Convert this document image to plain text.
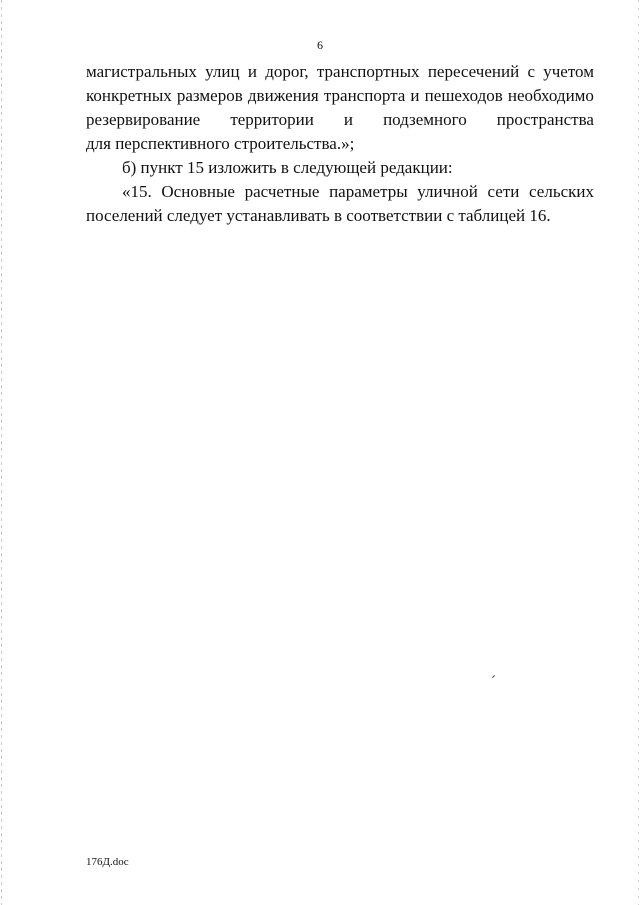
6
магистральных улиц и дорог, транспортных пересечений с учетом
конкретных размеров движения транспорта и пешеходов необходимо
резервирование территории и подземного пространства
для перспективного строительства.»;
б) пункт 15 изложить в следующей редакции:
«15. Основные расчетные параметры уличной сети сельских
поселений следует устанавливать в соответствии с таблицей 16.
176Д.doc
